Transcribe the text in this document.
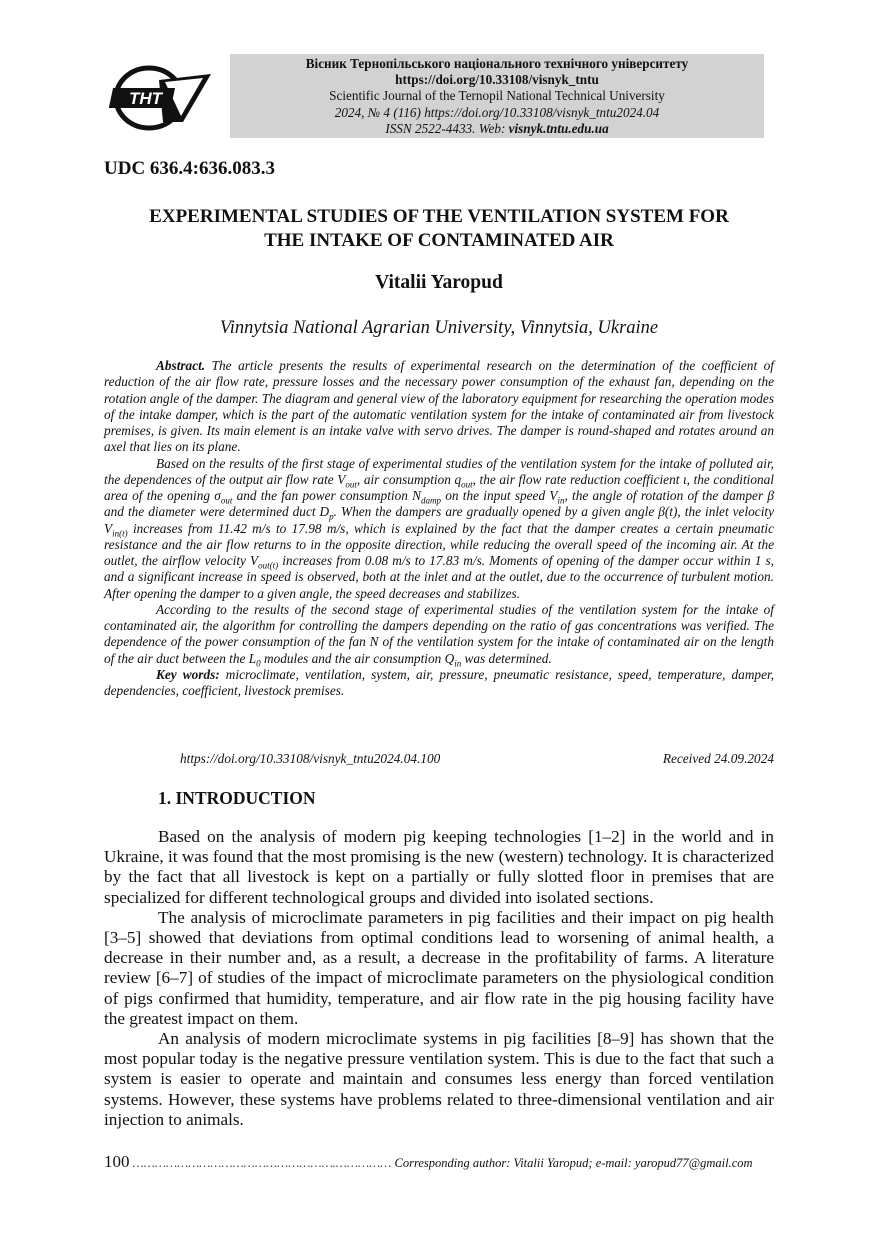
ТНТ
Вісник Тернопільського національного технічного університету
https://doi.org/10.33108/visnyk_tntu
Scientific Journal of the Ternopil National Technical University
2024, № 4 (116) https://doi.org/10.33108/visnyk_tntu2024.04
ISSN 2522-4433. Web: visnyk.tntu.edu.ua
UDC 636.4:636.083.3
EXPERIMENTAL STUDIES OF THE VENTILATION SYSTEM FOR
THE INTAKE OF CONTAMINATED AIR
Vitalii Yaropud
Vinnytsia National Agrarian University, Vinnytsia, Ukraine

Abstract. The article presents the results of experimental research on the determination of the coefficient of reduction of the air flow rate, pressure losses and the necessary power consumption of the exhaust fan, depending on the rotation angle of the damper. The diagram and general view of the laboratory equipment for researching the operation modes of the intake damper, which is the part of the automatic ventilation system for the intake of contaminated air from livestock premises, is given. Its main element is an intake valve with servo drives. The damper is round-shaped and rotates around an axel that lies on its plane.

Based on the results of the first stage of experimental studies of the ventilation system for the intake of polluted air, the dependences of the output air flow rate $V_{out}$, air consumption $q_{out}$, the air flow rate reduction coefficient ι, the conditional area of the opening $\sigma_{out}$ and the fan power consumption $N_{damp}$ on the input speed $V_{in}$, the angle of rotation of the damper β and the diameter were determined duct $D_p$. When the dampers are gradually opened by a given angle β(t), the inlet velocity $V_{in(t)}$ increases from 11.42 m/s to 17.98 m/s, which is explained by the fact that the damper creates a certain pneumatic resistance and the air flow returns to in the opposite direction, while reducing the overall speed of the incoming air. At the outlet, the airflow velocity $V_{out(t)}$ increases from 0.08 m/s to 17.83 m/s. Moments of opening of the damper occur within 1 s, and a significant increase in speed is observed, both at the inlet and at the outlet, due to the occurrence of turbulent motion. After opening the damper to a given angle, the speed decreases and stabilizes.

According to the results of the second stage of experimental studies of the ventilation system for the intake of contaminated air, the algorithm for controlling the dampers depending on the ratio of gas concentrations was verified. The dependence of the power consumption of the fan N of the ventilation system for the intake of contaminated air on the length of the air duct between the $L_0$ modules and the air consumption $Q_{in}$ was determined.

Key words: microclimate, ventilation, system, air, pressure, pneumatic resistance, speed, temperature, damper, dependencies, coefficient, livestock premises.

https://doi.org/10.33108/visnyk_tntu2024.04.100	Received 24.09.2024
1. INTRODUCTION

Based on the analysis of modern pig keeping technologies [1–2] in the world and in Ukraine, it was found that the most promising is the new (western) technology. It is characterized by the fact that all livestock is kept on a partially or fully slotted floor in premises that are specialized for different technological groups and divided into isolated sections.

The analysis of microclimate parameters in pig facilities and their impact on pig health [3–5] showed that deviations from optimal conditions lead to worsening of animal health, a decrease in their number and, as a result, a decrease in the profitability of farms. A literature review [6–7] of studies of the impact of microclimate parameters on the physiological condition of pigs confirmed that humidity, temperature, and air flow rate in the pig housing facility have the greatest impact on them.

An analysis of modern microclimate systems in pig facilities [8–9] has shown that the most popular today is the negative pressure ventilation system. This is due to the fact that such a system is easier to operate and maintain and consumes less energy than forced ventilation systems. However, these systems have problems related to three-dimensional ventilation and air injection to animals.

100 ……………………………………………….…………… Corresponding author: Vitalii Yaropud; e-mail: yaropud77@gmail.com
